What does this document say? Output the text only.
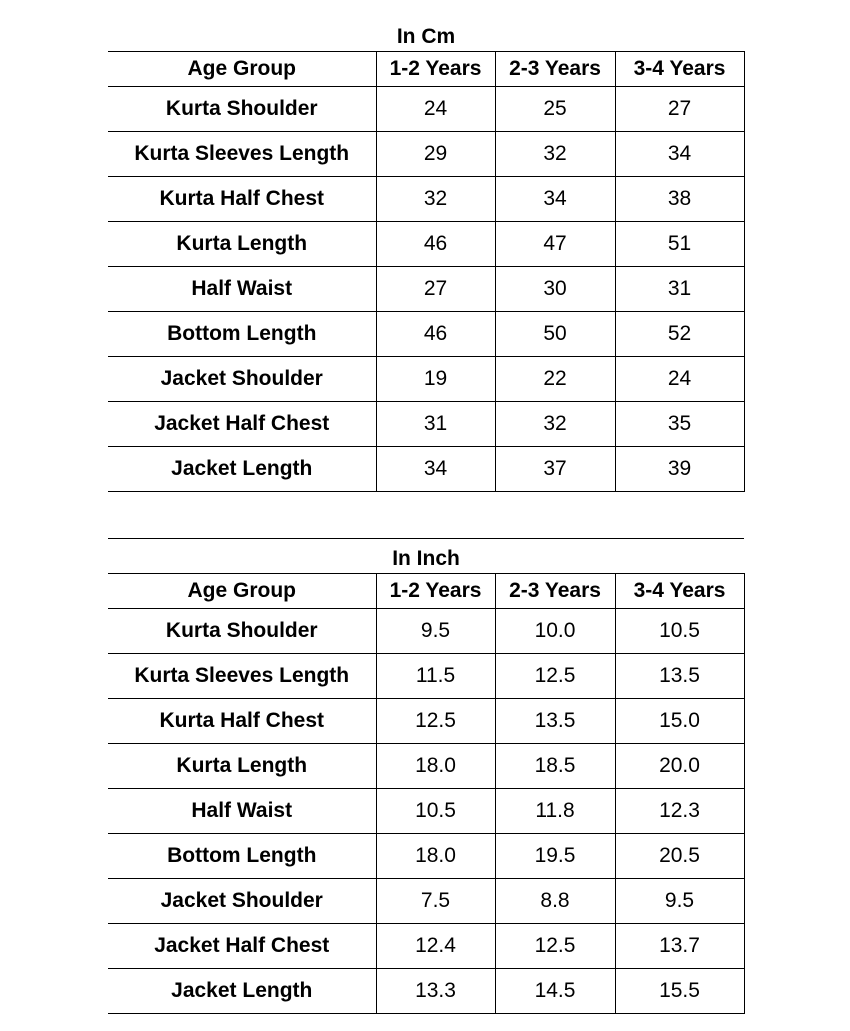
In Cm			
Age Group	1-2 Years	2-3 Years	3-4 Years
Kurta Shoulder	24	25	27
Kurta Sleeves Length	29	32	34
Kurta Half Chest	32	34	38
Kurta Length	46	47	51
Half Waist	27	30	31
Bottom Length	46	50	52
Jacket Shoulder	19	22	24
Jacket Half Chest	31	32	35
Jacket Length	34	37	39
In Inch			
Age Group	1-2 Years	2-3 Years	3-4 Years
Kurta Shoulder	9.5	10.0	10.5
Kurta Sleeves Length	11.5	12.5	13.5
Kurta Half Chest	12.5	13.5	15.0
Kurta Length	18.0	18.5	20.0
Half Waist	10.5	11.8	12.3
Bottom Length	18.0	19.5	20.5
Jacket Shoulder	7.5	8.8	9.5
Jacket Half Chest	12.4	12.5	13.7
Jacket Length	13.3	14.5	15.5
